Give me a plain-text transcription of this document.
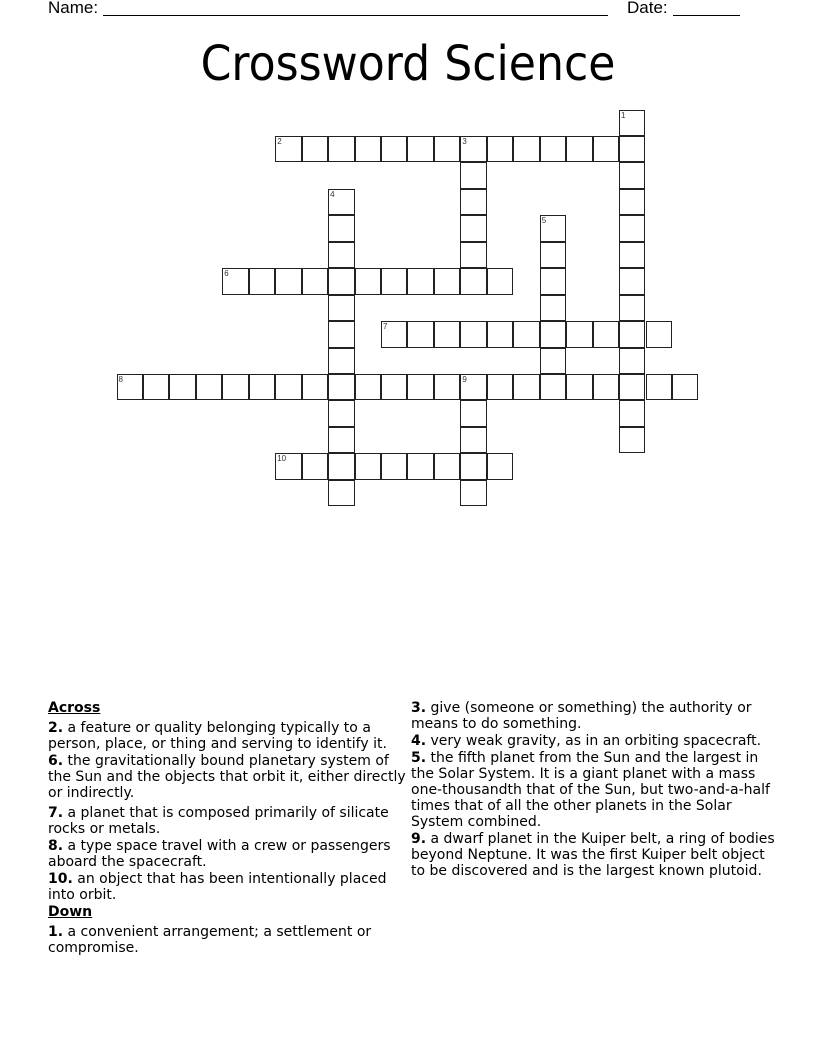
Name:	Date:
Crossword Science
1
2	3
4
5
6
7
8	9
10
Across
2. a feature or quality belonging typically to a person, place, or thing and serving to identify it.
6. the gravitationally bound planetary system of the Sun and the objects that orbit it, either directly or indirectly.
7. a planet that is composed primarily of silicate rocks or metals.
8. a type space travel with a crew or passengers aboard the spacecraft.
10. an object that has been intentionally placed into orbit.
Down
1. a convenient arrangement; a settlement or compromise.
3. give (someone or something) the authority or means to do something.
4. very weak gravity, as in an orbiting spacecraft.
5. the fifth planet from the Sun and the largest in the Solar System. It is a giant planet with a mass one-thousandth that of the Sun, but two-and-a-half times that of all the other planets in the Solar System combined.
9. a dwarf planet in the Kuiper belt, a ring of bodies beyond Neptune. It was the first Kuiper belt object to be discovered and is the largest known plutoid.
